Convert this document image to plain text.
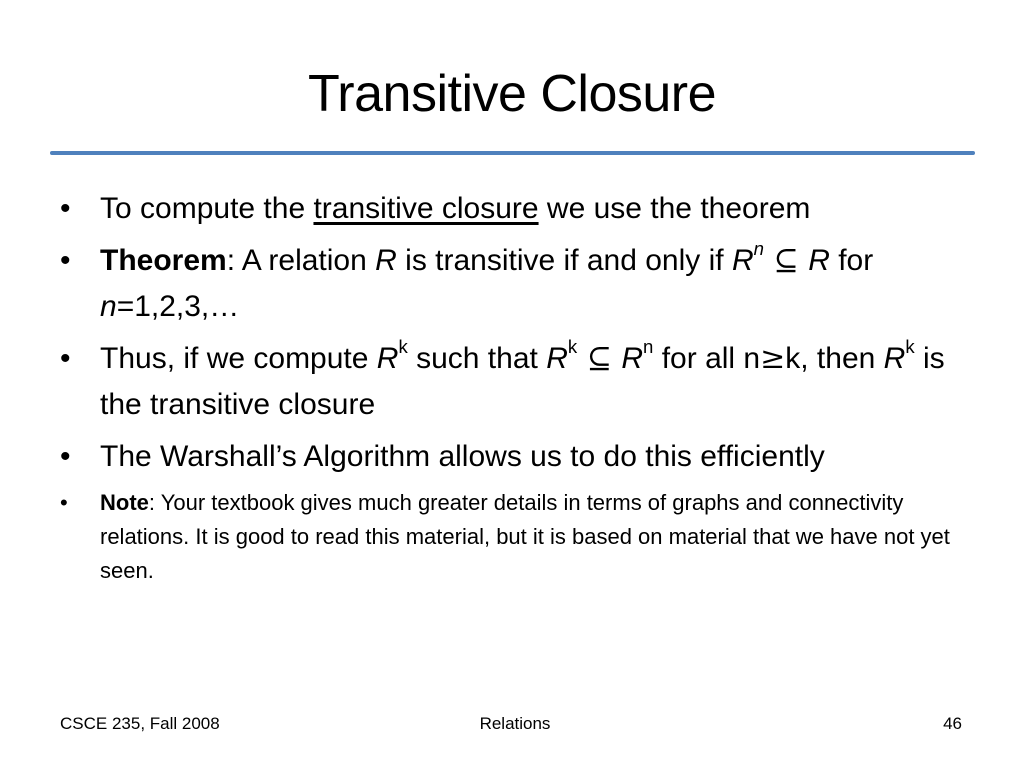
Transitive Closure
• To compute the transitive closure we use the theorem
• Theorem: A relation R is transitive if and only if $R^n$ ⊆ R for n=1,2,3,…
• Thus, if we compute $R^k$ such that $R^k$ ⊆ $R^n$ for all n≥k, then $R^k$ is the transitive closure
• The Warshall’s Algorithm allows us to do this efficiently
• Note: Your textbook gives much greater details in terms of graphs and connectivity relations. It is good to read this material, but it is based on material that we have not yet seen.
CSCE 235, Fall 2008	Relations	46
